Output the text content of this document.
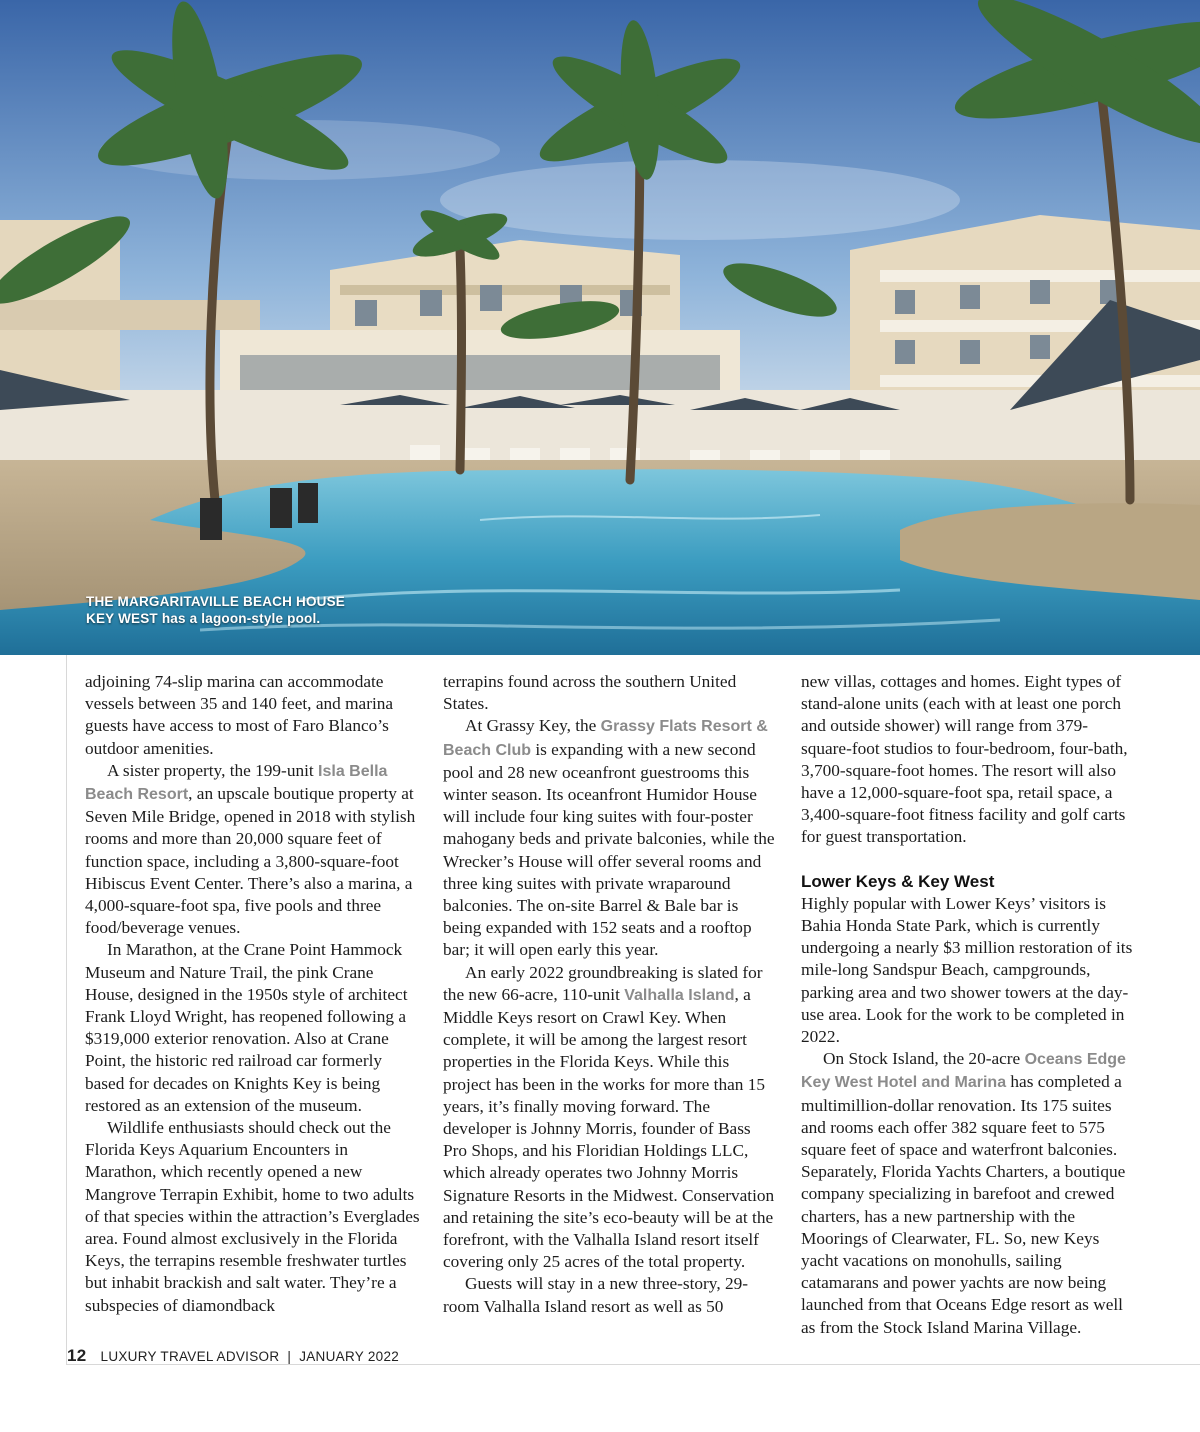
THE MARGARITAVILLE BEACH HOUSE
KEY WEST has a lagoon-style pool.

adjoining 74-slip marina can accommodate vessels between 35 and 140 feet, and marina guests have access to most of Faro Blanco’s outdoor amenities.

A sister property, the 199-unit Isla Bella Beach Resort, an upscale boutique property at Seven Mile Bridge, opened in 2018 with stylish rooms and more than 20,000 square feet of function space, including a 3,800-square-foot Hibiscus Event Center. There’s also a marina, a 4,000-square-foot spa, five pools and three food/beverage venues.

In Marathon, at the Crane Point Hammock Museum and Nature Trail, the pink Crane House, designed in the 1950s style of architect Frank Lloyd Wright, has reopened following a $319,000 exterior renovation. Also at Crane Point, the historic red railroad car formerly based for decades on Knights Key is being restored as an extension of the museum.

Wildlife enthusiasts should check out the Florida Keys Aquarium Encounters in Marathon, which recently opened a new Mangrove Terrapin Exhibit, home to two adults of that species within the attraction’s Everglades area. Found almost exclusively in the Florida Keys, the terrapins resemble freshwater turtles but inhabit brackish and salt water. They’re a subspecies of diamondback

terrapins found across the southern United States.

At Grassy Key, the Grassy Flats Resort & Beach Club is expanding with a new second pool and 28 new oceanfront guestrooms this winter season. Its oceanfront Humidor House will include four king suites with four-poster mahogany beds and private balconies, while the Wrecker’s House will offer several rooms and three king suites with private wraparound balconies. The on-site Barrel & Bale bar is being expanded with 152 seats and a rooftop bar; it will open early this year.

An early 2022 groundbreaking is slated for the new 66-acre, 110-unit Valhalla Island, a Middle Keys resort on Crawl Key. When complete, it will be among the largest resort properties in the Florida Keys. While this project has been in the works for more than 15 years, it’s finally moving forward. The developer is Johnny Morris, founder of Bass Pro Shops, and his Floridian Holdings LLC, which already operates two Johnny Morris Signature Resorts in the Midwest. Conservation and retaining the site’s eco-beauty will be at the forefront, with the Valhalla Island resort itself covering only 25 acres of the total property.

Guests will stay in a new three-story, 29-room Valhalla Island resort as well as 50

new villas, cottages and homes. Eight types of stand-alone units (each with at least one porch and outside shower) will range from 379-square-foot studios to four-bedroom, four-bath, 3,700-square-foot homes. The resort will also have a 12,000-square-foot spa, retail space, a 3,400-square-foot fitness facility and golf carts for guest transportation.

Lower Keys & Key West

Highly popular with Lower Keys’ visitors is Bahia Honda State Park, which is currently undergoing a nearly $3 million restoration of its mile-long Sandspur Beach, campgrounds, parking area and two shower towers at the day-use area. Look for the work to be completed in 2022.

On Stock Island, the 20-acre Oceans Edge Key West Hotel and Marina has completed a multimillion-dollar renovation. Its 175 suites and rooms each offer 382 square feet to 575 square feet of space and waterfront balconies. Separately, Florida Yachts Charters, a boutique company specializing in barefoot and crewed charters, has a new partnership with the Moorings of Clearwater, FL. So, new Keys yacht vacations on monohulls, sailing catamarans and power yachts are now being launched from that Oceans Edge resort as well as from the Stock Island Marina Village.

12 LUXURY TRAVEL ADVISOR | JANUARY 2022
